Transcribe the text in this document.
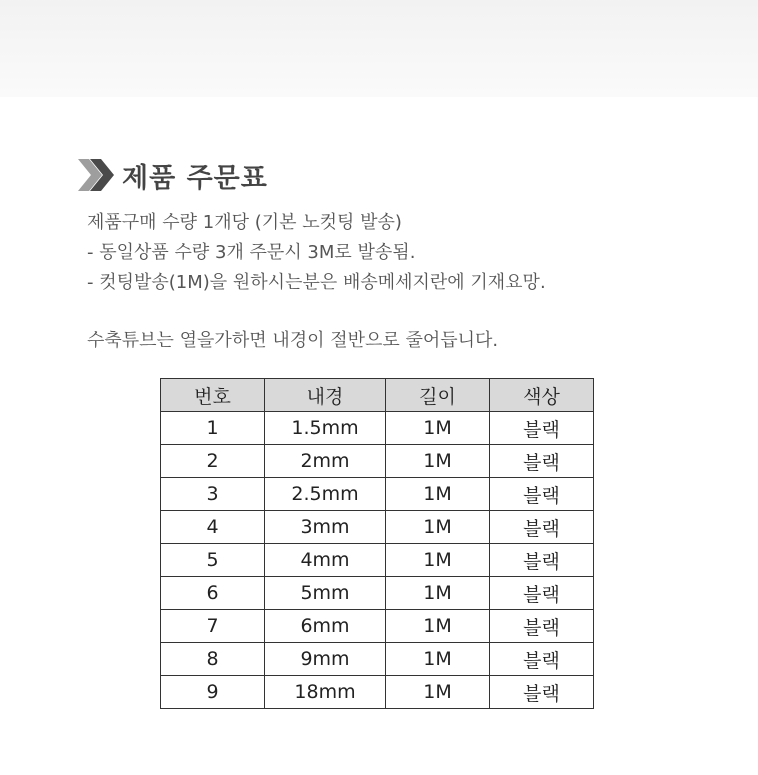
제품 주문표

제품구매 수량 1개당 (기본 노컷팅 발송)

- 동일상품 수량 3개 주문시 3M로 발송됨.

- 컷팅발송(1M)을 원하시는분은 배송메세지란에 기재요망.

수축튜브는 열을가하면 내경이 절반으로 줄어듭니다.

번호	내경	길이	색상
1	1.5mm	1M	블랙
2	2mm	1M	블랙
3	2.5mm	1M	블랙
4	3mm	1M	블랙
5	4mm	1M	블랙
6	5mm	1M	블랙
7	6mm	1M	블랙
8	9mm	1M	블랙
9	18mm	1M	블랙
